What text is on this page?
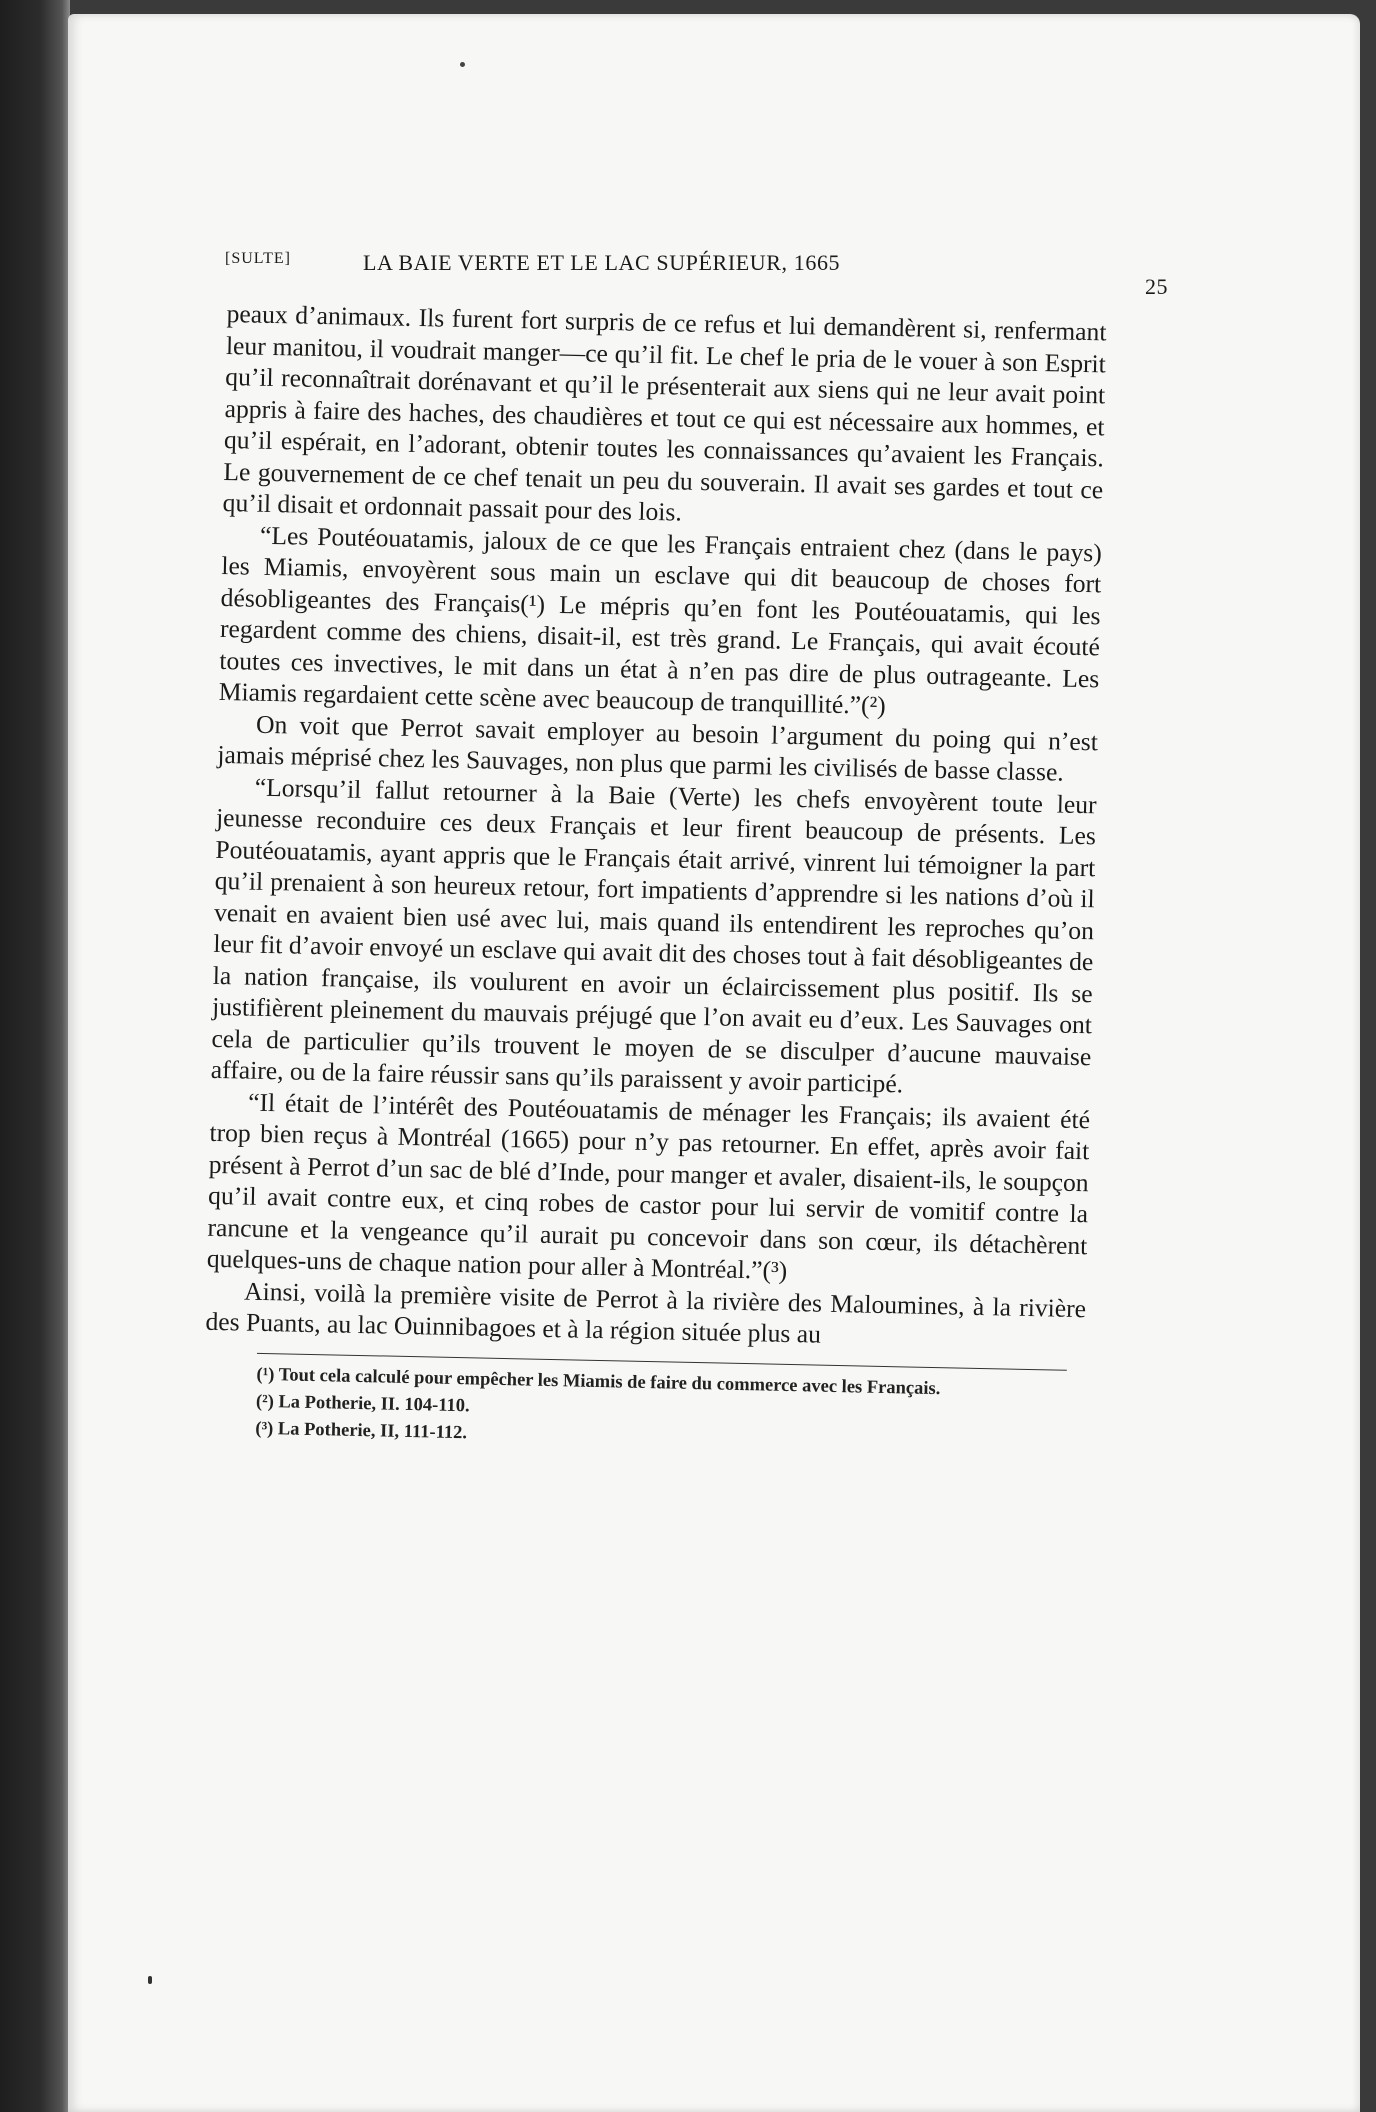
[SULTE]	LA BAIE VERTE ET LE LAC SUPÉRIEUR, 1665
25

peaux d’animaux. Ils furent fort surpris de ce refus et lui demandèrent si, renfermant leur manitou, il voudrait manger—ce qu’il fit. Le chef le pria de le vouer à son Esprit qu’il reconnaîtrait dorénavant et qu’il le présenterait aux siens qui ne leur avait point appris à faire des haches, des chaudières et tout ce qui est nécessaire aux hommes, et qu’il espérait, en l’adorant, obtenir toutes les connaissances qu’avaient les Français. Le gouvernement de ce chef tenait un peu du souverain. Il avait ses gardes et tout ce qu’il disait et ordonnait passait pour des lois.

“Les Poutéouatamis, jaloux de ce que les Français entraient chez (dans le pays) les Miamis, envoyèrent sous main un esclave qui dit beaucoup de choses fort désobligeantes des Français(¹) Le mépris qu’en font les Poutéouatamis, qui les regardent comme des chiens, disait-il, est très grand. Le Français, qui avait écouté toutes ces invectives, le mit dans un état à n’en pas dire de plus outrageante. Les Miamis regardaient cette scène avec beaucoup de tranquillité.”(²)

On voit que Perrot savait employer au besoin l’argument du poing qui n’est jamais méprisé chez les Sauvages, non plus que parmi les civilisés de basse classe.

“Lorsqu’il fallut retourner à la Baie (Verte) les chefs envoyèrent toute leur jeunesse reconduire ces deux Français et leur firent beaucoup de présents. Les Poutéouatamis, ayant appris que le Français était arrivé, vinrent lui témoigner la part qu’il prenaient à son heureux retour, fort impatients d’apprendre si les nations d’où il venait en avaient bien usé avec lui, mais quand ils entendirent les reproches qu’on leur fit d’avoir envoyé un esclave qui avait dit des choses tout à fait désobligeantes de la nation française, ils voulurent en avoir un éclaircissement plus positif. Ils se justifièrent pleinement du mauvais préjugé que l’on avait eu d’eux. Les Sauvages ont cela de particulier qu’ils trouvent le moyen de se disculper d’aucune mauvaise affaire, ou de la faire réussir sans qu’ils paraissent y avoir participé.

“Il était de l’intérêt des Poutéouatamis de ménager les Français; ils avaient été trop bien reçus à Montréal (1665) pour n’y pas retourner. En effet, après avoir fait présent à Perrot d’un sac de blé d’Inde, pour manger et avaler, disaient-ils, le soupçon qu’il avait contre eux, et cinq robes de castor pour lui servir de vomitif contre la rancune et la vengeance qu’il aurait pu concevoir dans son cœur, ils détachèrent quelques-uns de chaque nation pour aller à Montréal.”(³)

Ainsi, voilà la première visite de Perrot à la rivière des Maloumines, à la rivière des Puants, au lac Ouinnibagoes et à la région située plus au

(¹) Tout cela calculé pour empêcher les Miamis de faire du commerce avec les Français.

(²) La Potherie, II. 104-110.

(³) La Potherie, II, 111-112.
